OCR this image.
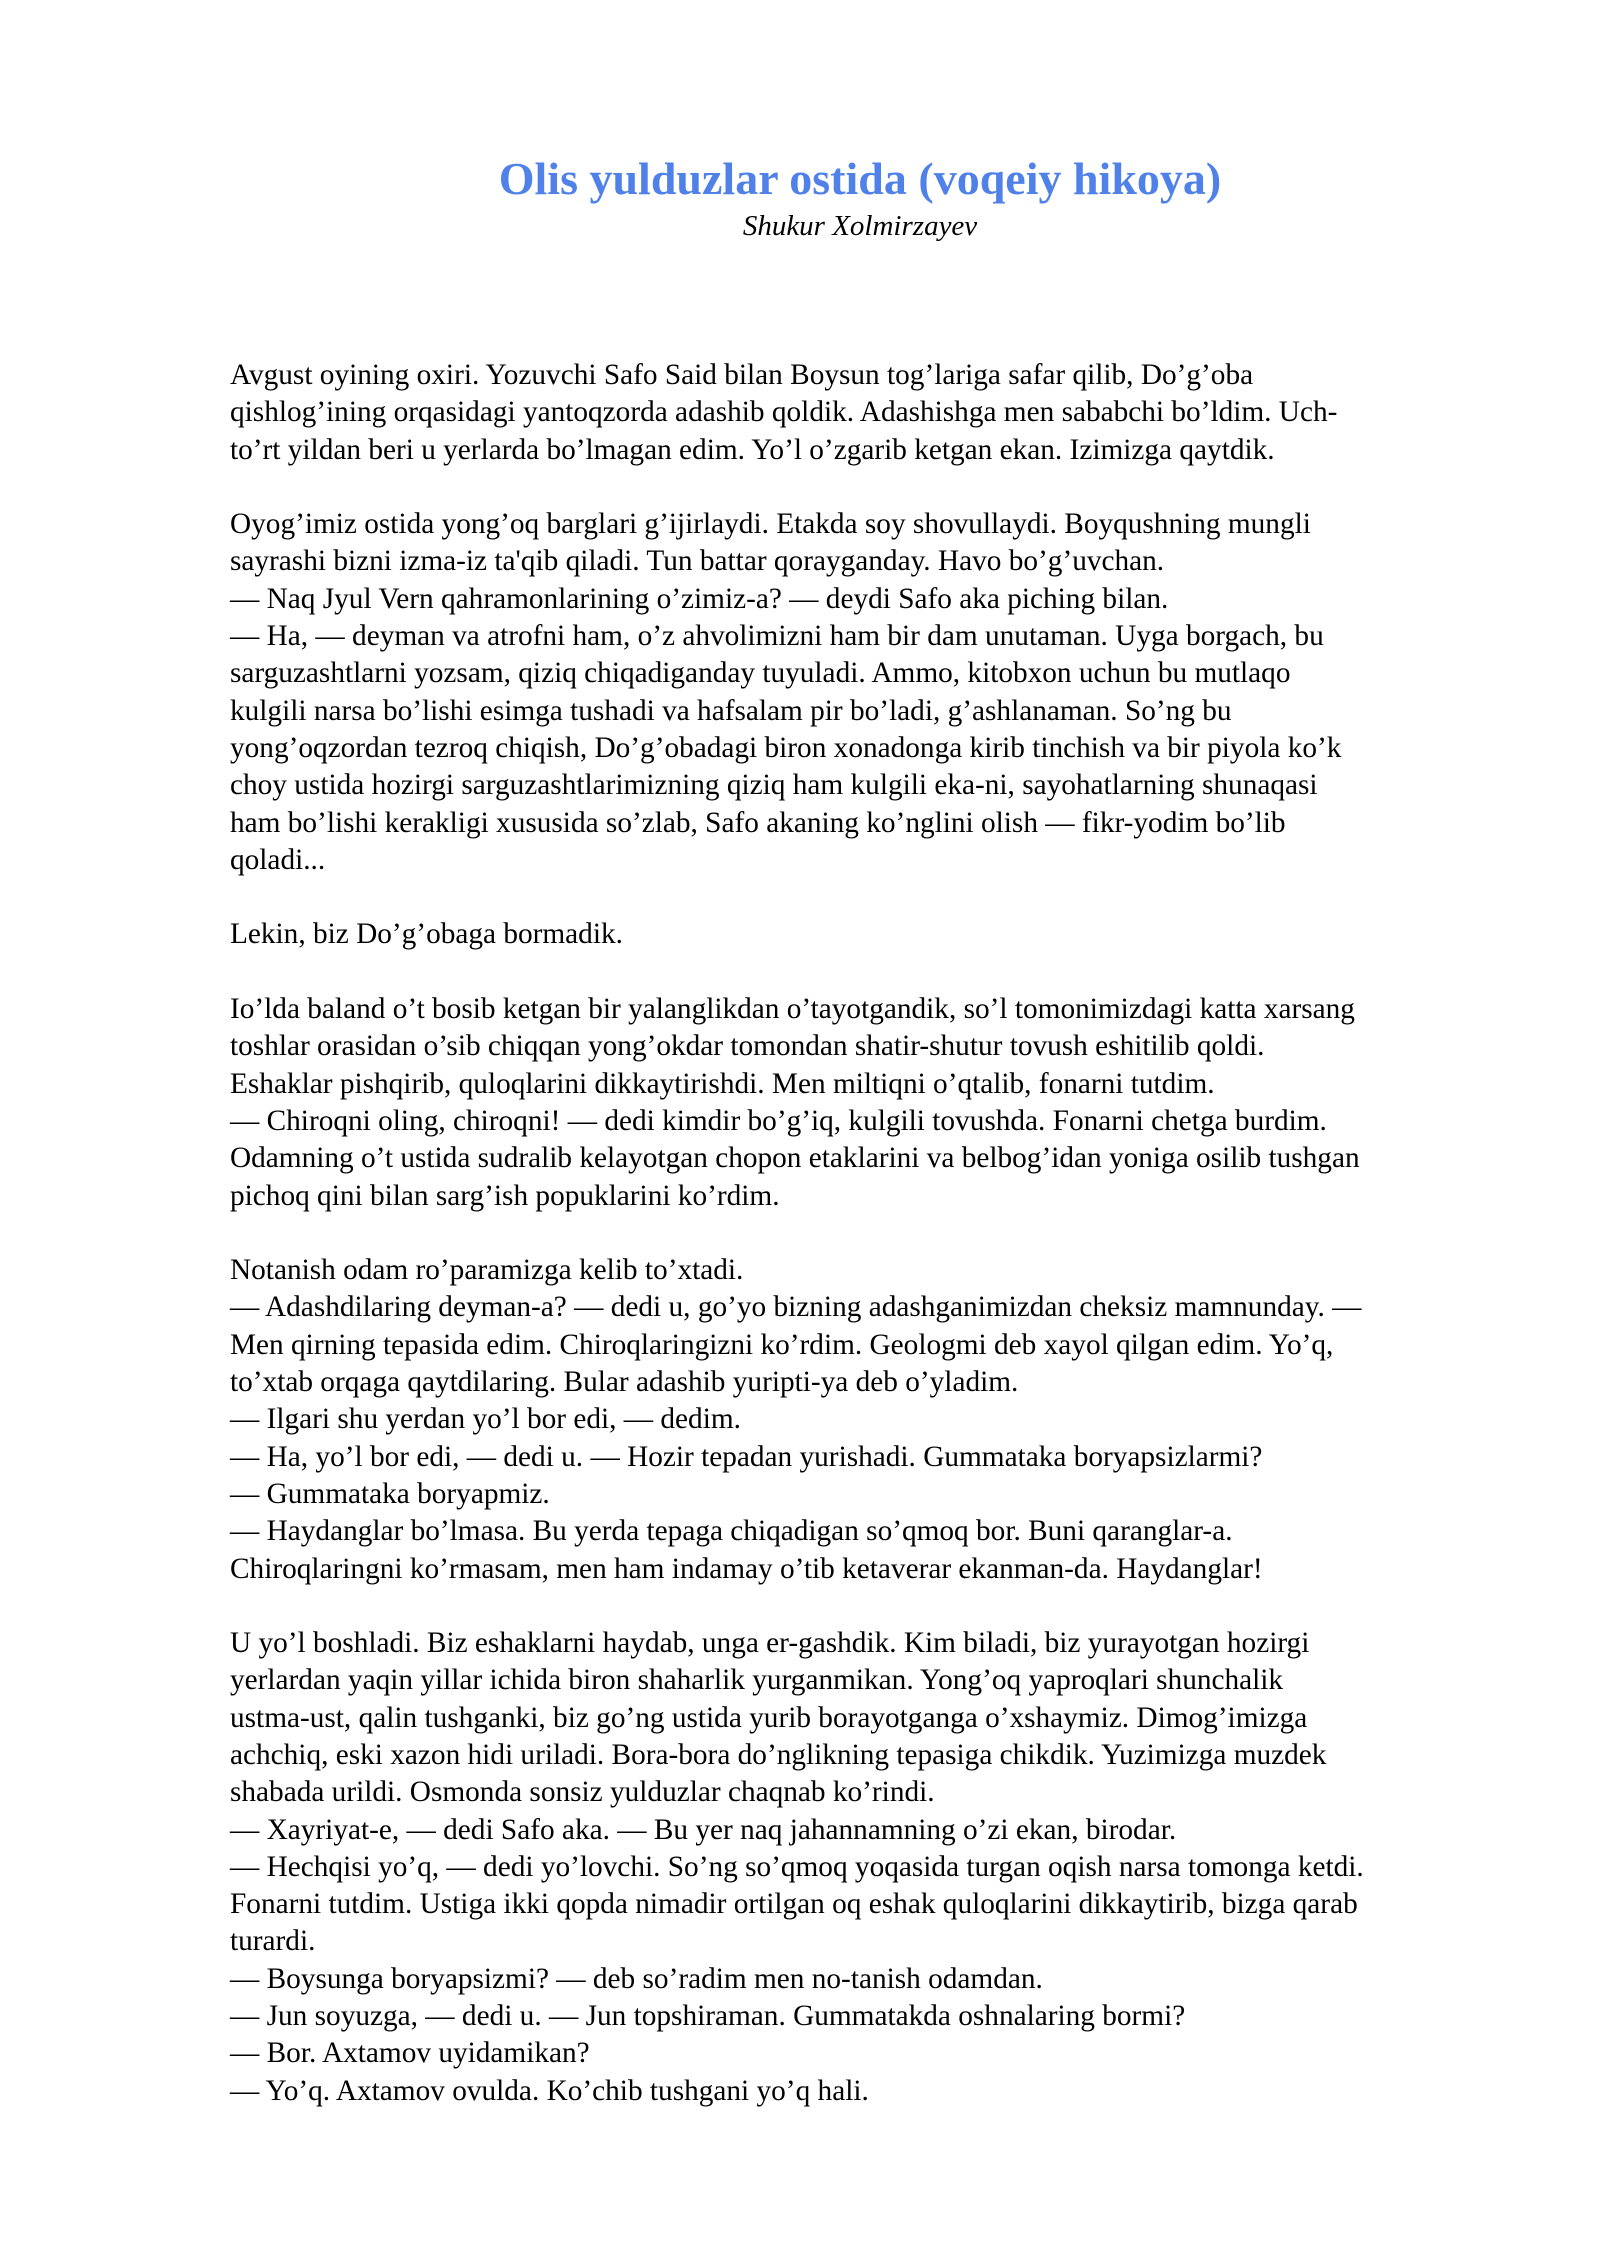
Olis yulduzlar ostida (voqeiy hikoya)

Shukur Xolmirzayev

Avgust oyining oxiri. Yozuvchi Safo Said bilan Boysun tog’lariga safar qilib, Do’g’oba
qishlog’ining orqasidagi yantoqzorda adashib qoldik. Adashishga men sababchi bo’ldim. Uch-
to’rt yildan beri u yerlarda bo’lmagan edim. Yo’l o’zgarib ketgan ekan. Izimizga qaytdik.
Oyog’imiz ostida yong’oq barglari g’ijirlaydi. Etakda soy shovullaydi. Boyqushning mungli
sayrashi bizni izma-iz ta'qib qiladi. Tun battar qorayganday. Havo bo’g’uvchan.
— Naq Jyul Vern qahramonlarining o’zimiz-a? — deydi Safo aka piching bilan.
— Ha, — deyman va atrofni ham, o’z ahvolimizni ham bir dam unutaman. Uyga borgach, bu
sarguzashtlarni yozsam, qiziq chiqadiganday tuyuladi. Ammo, kitobxon uchun bu mutlaqo
kulgili narsa bo’lishi esimga tushadi va hafsalam pir bo’ladi, g’ashlanaman. So’ng bu
yong’oqzordan tezroq chiqish, Do’g’obadagi biron xonadonga kirib tinchish va bir piyola ko’k
choy ustida hozirgi sarguzashtlarimizning qiziq ham kulgili eka-ni, sayohatlarning shunaqasi
ham bo’lishi kerakligi xususida so’zlab, Safo akaning ko’nglini olish — fikr-yodim bo’lib
qoladi...
Lekin, biz Do’g’obaga bormadik.
Io’lda baland o’t bosib ketgan bir yalanglikdan o’tayotgandik, so’l tomonimizdagi katta xarsang
toshlar orasidan o’sib chiqqan yong’okdar tomondan shatir-shutur tovush eshitilib qoldi.
Eshaklar pishqirib, quloqlarini dikkaytirishdi. Men miltiqni o’qtalib, fonarni tutdim.
— Chiroqni oling, chiroqni! — dedi kimdir bo’g’iq, kulgili tovushda. Fonarni chetga burdim.
Odamning o’t ustida sudralib kelayotgan chopon etaklarini va belbog’idan yoniga osilib tushgan
pichoq qini bilan sarg’ish popuklarini ko’rdim.
Notanish odam ro’paramizga kelib to’xtadi.
— Adashdilaring deyman-a? — dedi u, go’yo bizning adashganimizdan cheksiz mamnunday. —
Men qirning tepasida edim. Chiroqlaringizni ko’rdim. Geologmi deb xayol qilgan edim. Yo’q,
to’xtab orqaga qaytdilaring. Bular adashib yuripti-ya deb o’yladim.
— Ilgari shu yerdan yo’l bor edi, — dedim.
— Ha, yo’l bor edi, — dedi u. — Hozir tepadan yurishadi. Gummataka boryapsizlarmi?
— Gummataka boryapmiz.
— Haydanglar bo’lmasa. Bu yerda tepaga chiqadigan so’qmoq bor. Buni qaranglar-a.
Chiroqlaringni ko’rmasam, men ham indamay o’tib ketaverar ekanman-da. Haydanglar!
U yo’l boshladi. Biz eshaklarni haydab, unga er-gashdik. Kim biladi, biz yurayotgan hozirgi
yerlardan yaqin yillar ichida biron shaharlik yurganmikan. Yong’oq yaproqlari shunchalik
ustma-ust, qalin tushganki, biz go’ng ustida yurib borayotganga o’xshaymiz. Dimog’imizga
achchiq, eski xazon hidi uriladi. Bora-bora do’nglikning tepasiga chikdik. Yuzimizga muzdek
shabada urildi. Osmonda sonsiz yulduzlar chaqnab ko’rindi.
— Xayriyat-e, — dedi Safo aka. — Bu yer naq jahannamning o’zi ekan, birodar.
— Hechqisi yo’q, — dedi yo’lovchi. So’ng so’qmoq yoqasida turgan oqish narsa tomonga ketdi.
Fonarni tutdim. Ustiga ikki qopda nimadir ortilgan oq eshak quloqlarini dikkaytirib, bizga qarab
turardi.
— Boysunga boryapsizmi? — deb so’radim men no-tanish odamdan.
— Jun soyuzga, — dedi u. — Jun topshiraman. Gummatakda oshnalaring bormi?
— Bor. Axtamov uyidamikan?
— Yo’q. Axtamov ovulda. Ko’chib tushgani yo’q hali.
